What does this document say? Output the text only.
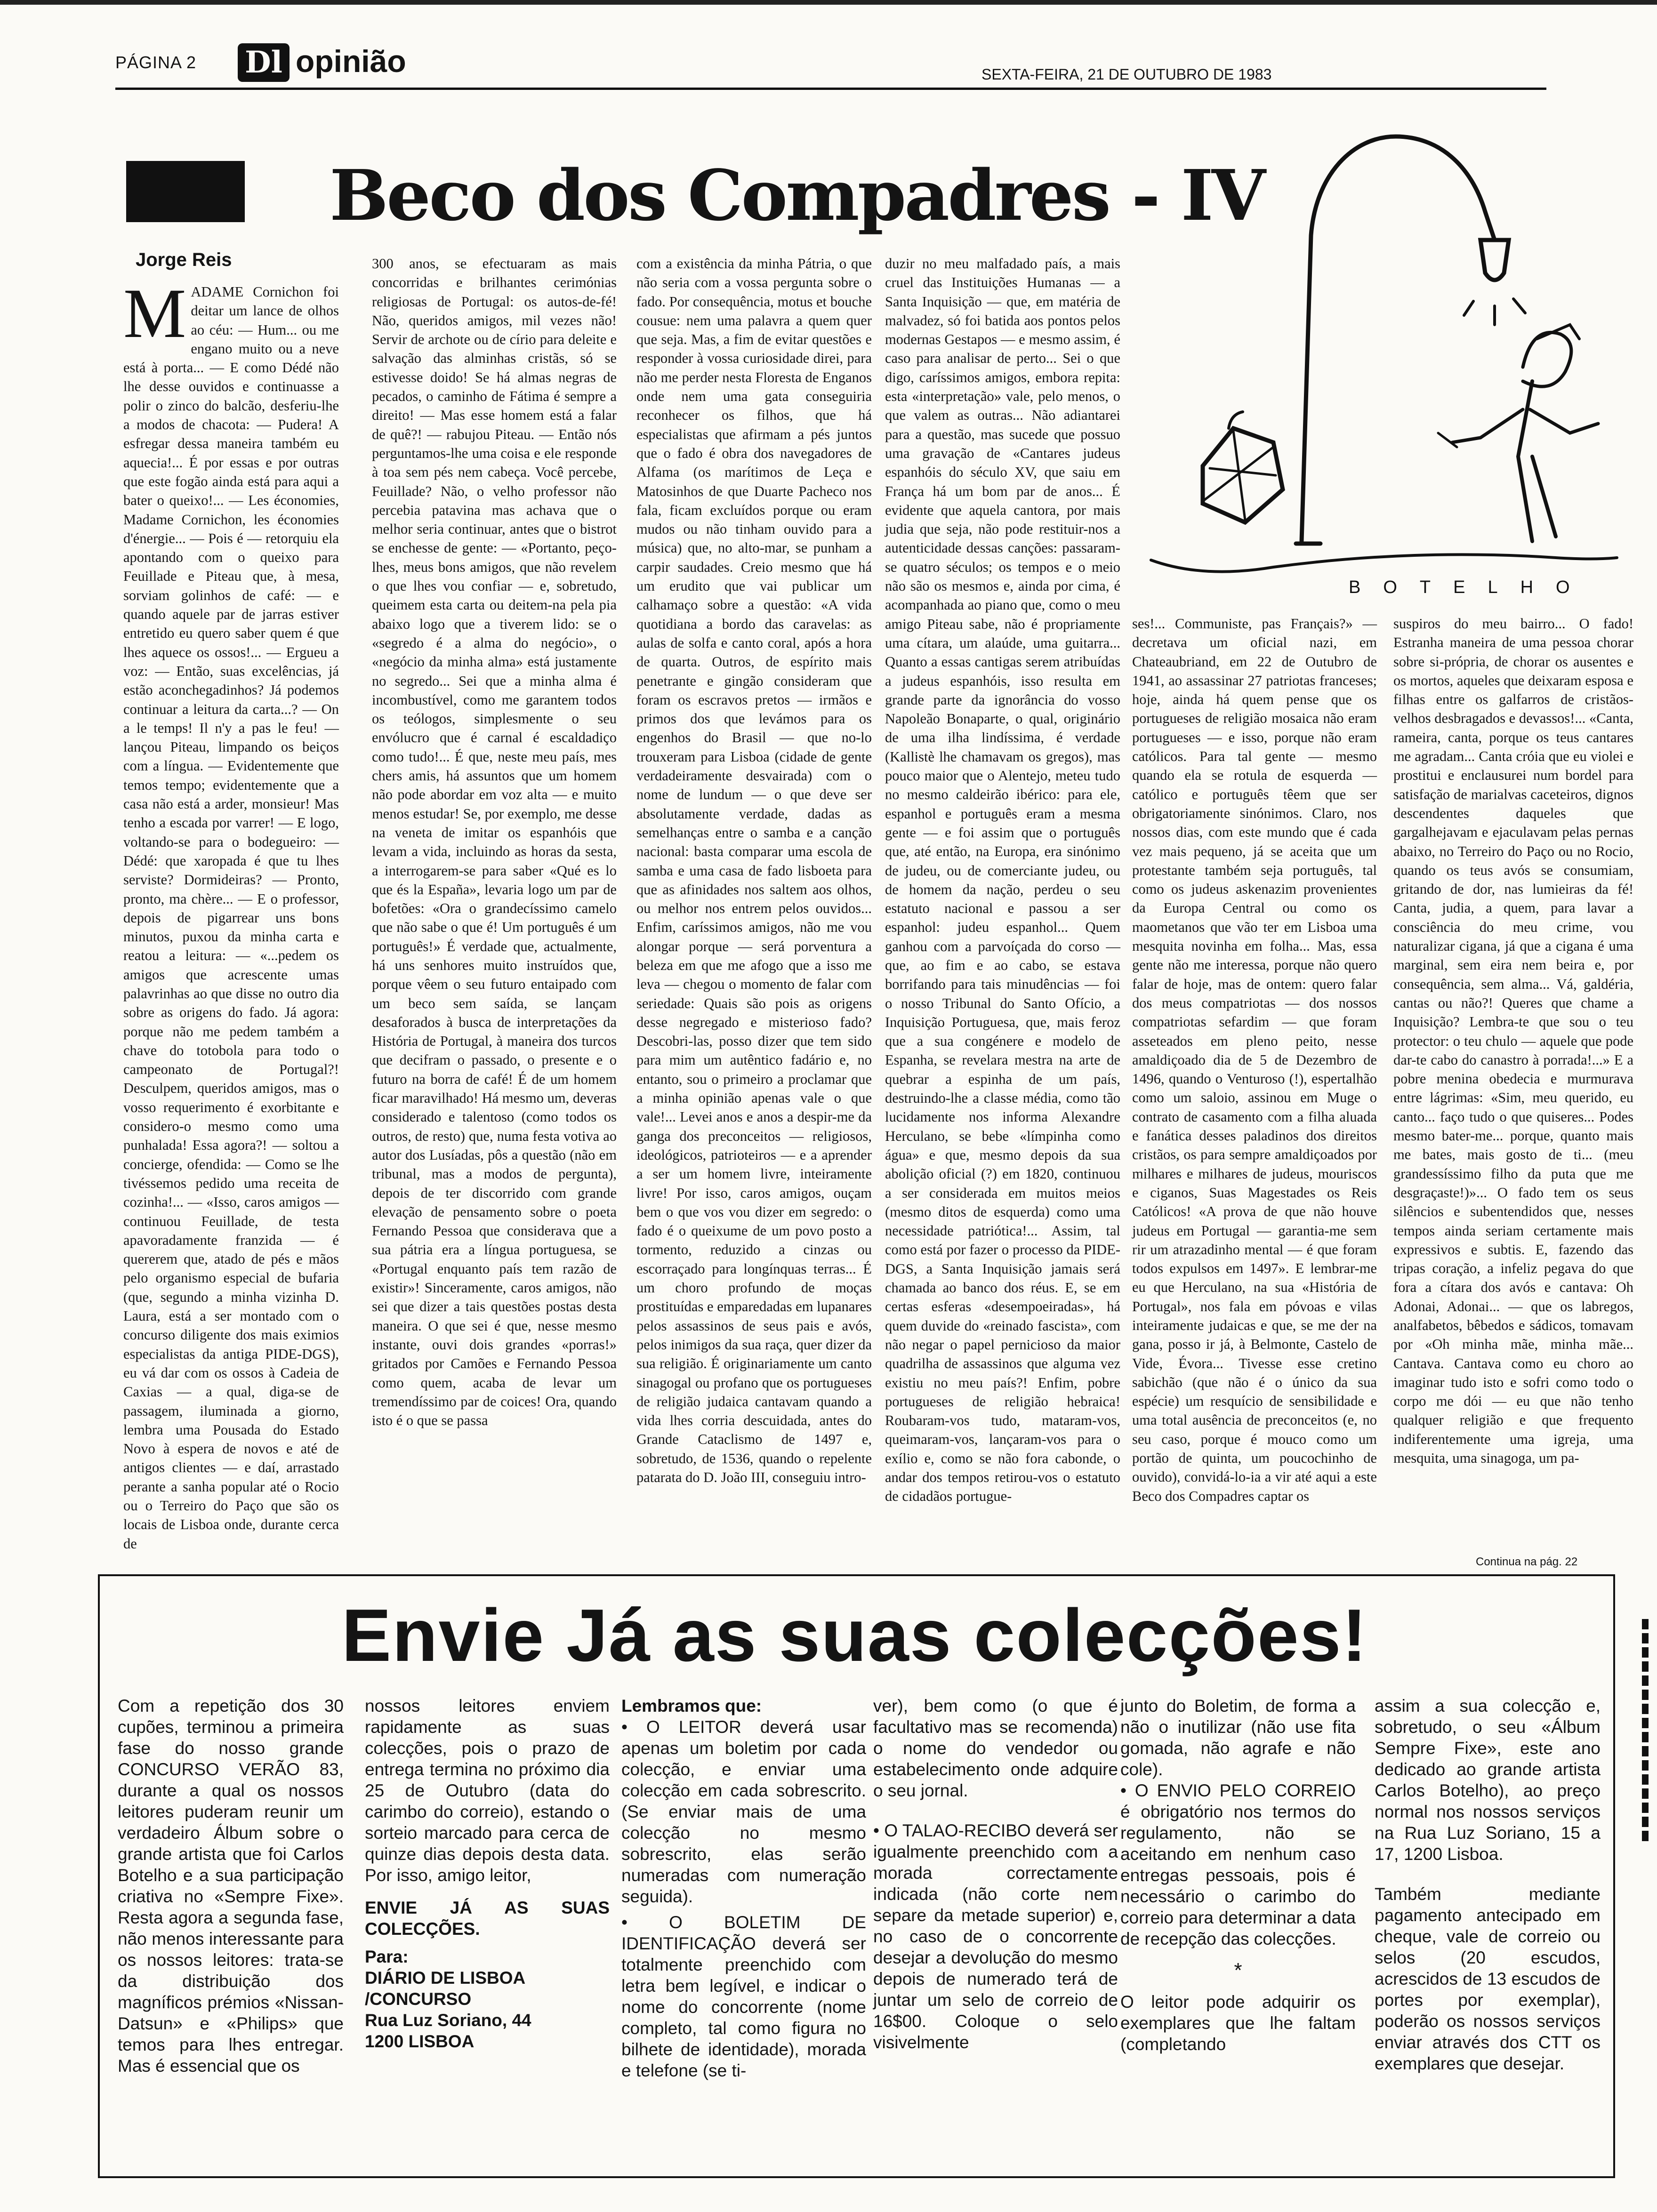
PÁGINA 2 Dl opinião	SEXTA-FEIRA, 21 DE OUTUBRO DE 1983
Beco dos Compadres - IV
Jorge Reis
M ADAME Cornichon foi deitar um lance de olhos ao céu: — Hum... ou me engano muito ou a neve está à porta... — E como Dédé não lhe desse ouvidos e continuasse a polir o zinco do balcão, desferiu-lhe a modos de chacota: — Pudera! A esfregar dessa maneira também eu aquecia!... É por essas e por outras que este fogão ainda está para aqui a bater o queixo!... — Les économies, Madame Cornichon, les économies d'énergie... — Pois é — retorquiu ela apontando com o queixo para Feuillade e Piteau que, à mesa, sorviam golinhos de café: — e quando aquele par de jarras estiver entretido eu quero saber quem é que lhes aquece os ossos!... — Ergueu a voz: — Então, suas excelências, já estão aconchegadinhos? Já podemos continuar a leitura da carta...? — On a le temps! Il n'y a pas le feu! — lançou Piteau, limpando os beiços com a língua. — Evidentemente que temos tempo; evidentemente que a casa não está a arder, monsieur! Mas tenho a escada por varrer! — E logo, voltando-se para o bodegueiro: — Dédé: que xaropada é que tu lhes serviste? Dormideiras? — Pronto, pronto, ma chère... — E o professor, depois de pigarrear uns bons minutos, puxou da minha carta e reatou a leitura: — «...pedem os amigos que acrescente umas palavrinhas ao que disse no outro dia sobre as origens do fado. Já agora: porque não me pedem também a chave do totobola para todo o campeonato de Portugal?! Desculpem, queridos amigos, mas o vosso requerimento é exorbitante e considero-o mesmo como uma punhalada! Essa agora?! — soltou a concierge, ofendida: — Como se lhe tivéssemos pedido uma receita de cozinha!... — «Isso, caros amigos — continuou Feuillade, de testa apavoradamente franzida — é quererem que, atado de pés e mãos pelo organismo especial de bufaria (que, segundo a minha vizinha D. Laura, está a ser montado com o concurso diligente dos mais eximios especialistas da antiga PIDE-DGS), eu vá dar com os ossos à Cadeia de Caxias — a qual, diga-se de passagem, iluminada a giorno, lembra uma Pousada do Estado Novo à espera de novos e até de antigos clientes — e daí, arrastado perante a sanha popular até o Rocio ou o Terreiro do Paço que são os locais de Lisboa onde, durante cerca de

300 anos, se efectuaram as mais concorridas e brilhantes cerimónias religiosas de Portugal: os autos-de-fé! Não, queridos amigos, mil vezes não! Servir de archote ou de círio para deleite e salvação das alminhas cristãs, só se estivesse doido! Se há almas negras de pecados, o caminho de Fátima é sempre a direito! — Mas esse homem está a falar de quê?! — rabujou Piteau. — Então nós perguntamos-lhe uma coisa e ele responde à toa sem pés nem cabeça. Você percebe, Feuillade? Não, o velho professor não percebia patavina mas achava que o melhor seria continuar, antes que o bistrot se enchesse de gente: — «Portanto, peço-lhes, meus bons amigos, que não revelem o que lhes vou confiar — e, sobretudo, queimem esta carta ou deitem-na pela pia abaixo logo que a tiverem lido: se o «segredo é a alma do negócio», o «negócio da minha alma» está justamente no segredo... Sei que a minha alma é incombustível, como me garantem todos os teólogos, simplesmente o seu envólucro que é carnal é escaldadiço como tudo!... É que, neste meu país, mes chers amis, há assuntos que um homem não pode abordar em voz alta — e muito menos estudar! Se, por exemplo, me desse na veneta de imitar os espanhóis que levam a vida, incluindo as horas da sesta, a interrogarem-se para saber «Qué es lo que és la España», levaria logo um par de bofetões: «Ora o grandecíssimo camelo que não sabe o que é! Um português é um português!» É verdade que, actualmente, há uns senhores muito instruídos que, porque vêem o seu futuro entaipado com um beco sem saída, se lançam desaforados à busca de interpretações da História de Portugal, à maneira dos turcos que decifram o passado, o presente e o futuro na borra de café! É de um homem ficar maravilhado! Há mesmo um, deveras considerado e talentoso (como todos os outros, de resto) que, numa festa votiva ao autor dos Lusíadas, pôs a questão (não em tribunal, mas a modos de pergunta), depois de ter discorrido com grande elevação de pensamento sobre o poeta Fernando Pessoa que considerava que a sua pátria era a língua portuguesa, se «Portugal enquanto país tem razão de existir»! Sinceramente, caros amigos, não sei que dizer a tais questões postas desta maneira. O que sei é que, nesse mesmo instante, ouvi dois grandes «porras!» gritados por Camões e Fernando Pessoa como quem, acaba de levar um tremendíssimo par de coices! Ora, quando isto é o que se passa

com a existência da minha Pátria, o que não seria com a vossa pergunta sobre o fado. Por consequência, motus et bouche cousue: nem uma palavra a quem quer que seja. Mas, a fim de evitar questões e responder à vossa curiosidade direi, para não me perder nesta Floresta de Enganos onde nem uma gata conseguiria reconhecer os filhos, que há especialistas que afirmam a pés juntos que o fado é obra dos navegadores de Alfama (os marítimos de Leça e Matosinhos de que Duarte Pacheco nos fala, ficam excluídos porque ou eram mudos ou não tinham ouvido para a música) que, no alto-mar, se punham a carpir saudades. Creio mesmo que há um erudito que vai publicar um calhamaço sobre a questão: «A vida quotidiana a bordo das caravelas: as aulas de solfa e canto coral, após a hora de quarta. Outros, de espírito mais penetrante e gingão consideram que foram os escravos pretos — irmãos e primos dos que levámos para os engenhos do Brasil — que no-lo trouxeram para Lisboa (cidade de gente verdadeiramente desvairada) com o nome de lundum — o que deve ser absolutamente verdade, dadas as semelhanças entre o samba e a canção nacional: basta comparar uma escola de samba e uma casa de fado lisboeta para que as afinidades nos saltem aos olhos, ou melhor nos entrem pelos ouvidos... Enfim, caríssimos amigos, não me vou alongar porque — será porventura a beleza em que me afogo que a isso me leva — chegou o momento de falar com seriedade: Quais são pois as origens desse negregado e misterioso fado? Descobri-las, posso dizer que tem sido para mim um autêntico fadário e, no entanto, sou o primeiro a proclamar que a minha opinião apenas vale o que vale!... Levei anos e anos a despir-me da ganga dos preconceitos — religiosos, ideológicos, patrioteiros — e a aprender a ser um homem livre, inteiramente livre! Por isso, caros amigos, ouçam bem o que vos vou dizer em segredo: o fado é o queixume de um povo posto a tormento, reduzido a cinzas ou escorraçado para longínquas terras... É um choro profundo de moças prostituídas e emparedadas em lupanares pelos assassinos de seus pais e avós, pelos inimigos da sua raça, quer dizer da sua religião. É originariamente um canto sinagogal ou profano que os portugueses de religião judaica cantavam quando a vida lhes corria descuidada, antes do Grande Cataclismo de 1497 e, sobretudo, de 1536, quando o repelente patarata do D. João III, conseguiu intro-

duzir no meu malfadado país, a mais cruel das Instituições Humanas — a Santa Inquisição — que, em matéria de malvadez, só foi batida aos pontos pelos modernas Gestapos — e mesmo assim, é caso para analisar de perto... Sei o que digo, caríssimos amigos, embora repita: esta «interpretação» vale, pelo menos, o que valem as outras... Não adiantarei para a questão, mas sucede que possuo uma gravação de «Cantares judeus espanhóis do século XV, que saiu em França há um bom par de anos... É evidente que aquela cantora, por mais judia que seja, não pode restituir-nos a autenticidade dessas canções: passaram-se quatro séculos; os tempos e o meio não são os mesmos e, ainda por cima, é acompanhada ao piano que, como o meu amigo Piteau sabe, não é propriamente uma cítara, um alaúde, uma guitarra... Quanto a essas cantigas serem atribuídas a judeus espanhóis, isso resulta em grande parte da ignorância do vosso Napoleão Bonaparte, o qual, originário de uma ilha lindíssima, é verdade (Kallistè lhe chamavam os gregos), mas pouco maior que o Alentejo, meteu tudo no mesmo caldeirão ibérico: para ele, espanhol e português eram a mesma gente — e foi assim que o português que, até então, na Europa, era sinónimo de judeu, ou de comerciante judeu, ou de homem da nação, perdeu o seu estatuto nacional e passou a ser espanhol: judeu espanhol... Quem ganhou com a parvoíçada do corso — que, ao fim e ao cabo, se estava borrifando para tais minudências — foi o nosso Tribunal do Santo Ofício, a Inquisição Portuguesa, que, mais feroz que a sua congénere e modelo de Espanha, se revelara mestra na arte de quebrar a espinha de um país, destruindo-lhe a classe média, como tão lucidamente nos informa Alexandre Herculano, se bebe «límpinha como água» e que, mesmo depois da sua abolição oficial (?) em 1820, continuou a ser considerada em muitos meios (mesmo ditos de esquerda) como uma necessidade patriótica!... Assim, tal como está por fazer o processo da PIDE-DGS, a Santa Inquisição jamais será chamada ao banco dos réus. E, se em certas esferas «desempoeiradas», há quem duvide do «reinado fascista», com não negar o papel pernicioso da maior quadrilha de assassinos que alguma vez existiu no meu país?! Enfim, pobre portugueses de religião hebraica! Roubaram-vos tudo, mataram-vos, queimaram-vos, lançaram-vos para o exílio e, como se não fora cabonde, o andar dos tempos retirou-vos o estatuto de cidadãos portugue-

ses!... Communiste, pas Français?» — decretava um oficial nazi, em Chateaubriand, em 22 de Outubro de 1941, ao assassinar 27 patriotas franceses; hoje, ainda há quem pense que os portugueses de religião mosaica não eram portugueses — e isso, porque não eram católicos. Para tal gente — mesmo quando ela se rotula de esquerda — católico e português têem que ser obrigatoriamente sinónimos. Claro, nos nossos dias, com este mundo que é cada vez mais pequeno, já se aceita que um protestante também seja português, tal como os judeus askenazim provenientes da Europa Central ou como os maometanos que vão ter em Lisboa uma mesquita novinha em folha... Mas, essa gente não me interessa, porque não quero falar de hoje, mas de ontem: quero falar dos meus compatriotas — dos nossos compatriotas sefardim — que foram asseteados em pleno peito, nesse amaldiçoado dia de 5 de Dezembro de 1496, quando o Venturoso (!), espertalhão como um saloio, assinou em Muge o contrato de casamento com a filha aluada e fanática desses paladinos dos direitos cristãos, os para sempre amaldiçoados por milhares e milhares de judeus, mouriscos e ciganos, Suas Magestades os Reis Católicos! «A prova de que não houve judeus em Portugal — garantia-me sem rir um atrazadinho mental — é que foram todos expulsos em 1497». E lembrar-me eu que Herculano, na sua «História de Portugal», nos fala em póvoas e vilas inteiramente judaicas e que, se me der na gana, posso ir já, à Belmonte, Castelo de Vide, Évora... Tivesse esse cretino sabichão (que não é o único da sua espécie) um resquício de sensibilidade e uma total ausência de preconceitos (e, no seu caso, porque é mouco como um portão de quinta, um poucochinho de ouvido), convidá-lo-ia a vir até aqui a este Beco dos Compadres captar os

suspiros do meu bairro... O fado! Estranha maneira de uma pessoa chorar sobre si-própria, de chorar os ausentes e os mortos, aqueles que deixaram esposa e filhas entre os galfarros de cristãos-velhos desbragados e devassos!... «Canta, rameira, canta, porque os teus cantares me agradam... Canta cróia que eu violei e prostitui e enclausurei num bordel para satisfação de marialvas caceteiros, dignos descendentes daqueles que gargalhejavam e ejaculavam pelas pernas abaixo, no Terreiro do Paço ou no Rocio, quando os teus avós se consumiam, gritando de dor, nas lumieiras da fé! Canta, judia, a quem, para lavar a consciência do meu crime, vou naturalizar cigana, já que a cigana é uma marginal, sem eira nem beira e, por consequência, sem alma... Vá, galdéria, cantas ou não?! Queres que chame a Inquisição? Lembra-te que sou o teu protector: o teu chulo — aquele que pode dar-te cabo do canastro à porrada!...» E a pobre menina obedecia e murmurava entre lágrimas: «Sim, meu querido, eu canto... faço tudo o que quiseres... Podes mesmo bater-me... porque, quanto mais me bates, mais gosto de ti... (meu grandessíssimo filho da puta que me desgraçaste!)»... O fado tem os seus silêncios e subentendidos que, nesses tempos ainda seriam certamente mais expressivos e subtis. E, fazendo das tripas coração, a infeliz pegava do que fora a cítara dos avós e cantava: Oh Adonai, Adonai... — que os labregos, analfabetos, bêbedos e sádicos, tomavam por «Oh minha mãe, minha mãe... Cantava. Cantava como eu choro ao imaginar tudo isto e sofri como todo o corpo me dói — eu que não tenho qualquer religião e que frequento indiferentemente uma igreja, uma mesquita, uma sinagoga, um pa-

Continua na pág. 22
BOTELHO
Envie Já as suas colecções!

Com a repetição dos 30 cupões, terminou a primeira fase do nosso grande CONCURSO VERÃO 83, durante a qual os nossos leitores puderam reunir um verdadeiro Álbum sobre o grande artista que foi Carlos Botelho e a sua participação criativa no «Sempre Fixe». Resta agora a segunda fase, não menos interessante para os nossos leitores: trata-se da distribuição dos magníficos prémios «Nissan-Datsun» e «Philips» que temos para lhes entregar. Mas é essencial que os

nossos leitores enviem rapidamente as suas colecções, pois o prazo de entrega termina no próximo dia 25 de Outubro (data do carimbo do correio), estando o sorteio marcado para cerca de quinze dias depois desta data. Por isso, amigo leitor,

ENVIE JÁ AS SUAS COLECÇÕES.

Para:
DIÁRIO DE LISBOA
/CONCURSO
Rua Luz Soriano, 44
1200 LISBOA

Lembramos que:

• O LEITOR deverá usar apenas um boletim por cada colecção, e enviar uma colecção em cada sobrescrito. (Se enviar mais de uma colecção no mesmo sobrescrito, elas serão numeradas com numeração seguida).

• O BOLETIM DE IDENTIFICAÇÃO deverá ser totalmente preenchido com letra bem legível, e indicar o nome do concorrente (nome completo, tal como figura no bilhete de identidade), morada e telefone (se ti-

ver), bem como (o que é facultativo mas se recomenda) o nome do vendedor ou estabelecimento onde adquire o seu jornal.

• O TALAO-RECIBO deverá ser igualmente preenchido com a morada correctamente indicada (não corte nem separe da metade superior) e, no caso de o concorrente desejar a devolução do mesmo depois de numerado terá de juntar um selo de correio de 16$00. Coloque o selo visivelmente

junto do Boletim, de forma a não o inutilizar (não use fita gomada, não agrafe e não cole).

• O ENVIO PELO CORREIO é obrigatório nos termos do regulamento, não se aceitando em nenhum caso entregas pessoais, pois é necessário o carimbo do correio para determinar a data de recepção das colecções.

*

O leitor pode adquirir os exemplares que lhe faltam (completando

assim a sua colecção e, sobretudo, o seu «Álbum Sempre Fixe», este ano dedicado ao grande artista Carlos Botelho), ao preço normal nos nossos serviços na Rua Luz Soriano, 15 a 17, 1200 Lisboa.

Também mediante pagamento antecipado em cheque, vale de correio ou selos (20 escudos, acrescidos de 13 escudos de portes por exemplar), poderão os nossos serviços enviar através dos CTT os exemplares que desejar.
